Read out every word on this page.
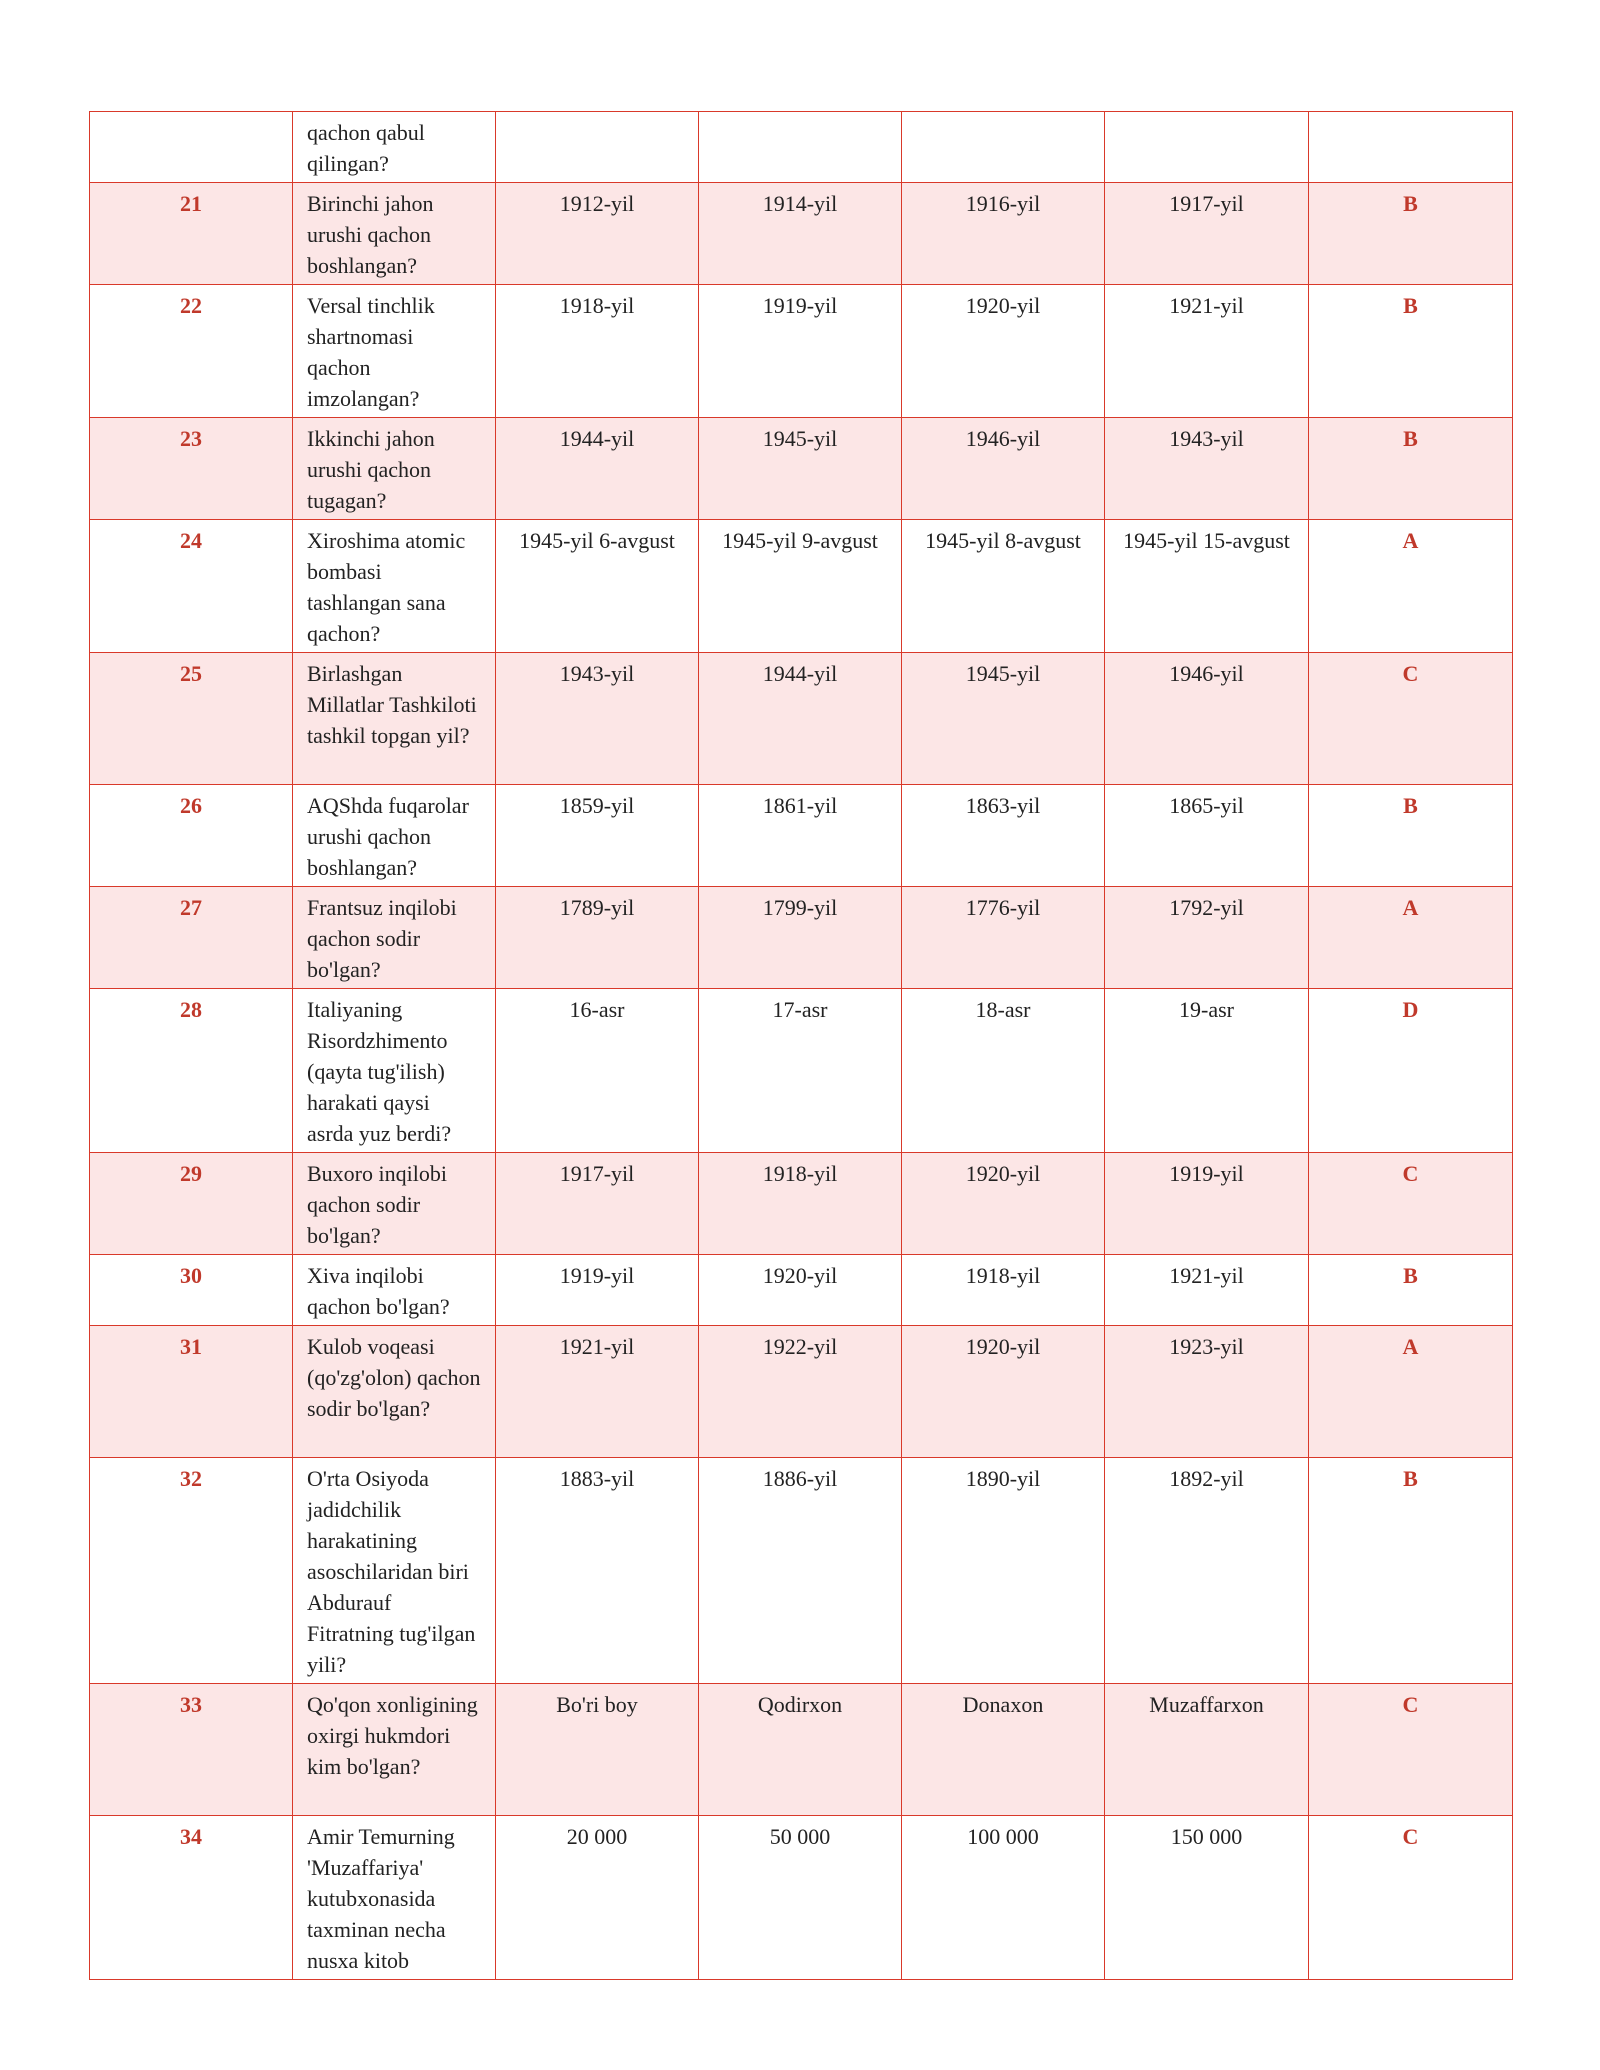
	qachon qabul qilingan?					
21	Birinchi jahon urushi qachon boshlangan?	1912-yil	1914-yil	1916-yil	1917-yil	B
22	Versal tinchlik shartnomasi qachon imzolangan?	1918-yil	1919-yil	1920-yil	1921-yil	B
23	Ikkinchi jahon urushi qachon tugagan?	1944-yil	1945-yil	1946-yil	1943-yil	B
24	Xiroshima atomic bombasi tashlangan sana qachon?	1945-yil 6-avgust	1945-yil 9-avgust	1945-yil 8-avgust	1945-yil 15-avgust	A
25	Birlashgan Millatlar Tashkiloti tashkil topgan yil?	1943-yil	1944-yil	1945-yil	1946-yil	C
26	AQShda fuqarolar urushi qachon boshlangan?	1859-yil	1861-yil	1863-yil	1865-yil	B
27	Frantsuz inqilobi qachon sodir bo'lgan?	1789-yil	1799-yil	1776-yil	1792-yil	A
28	Italiyaning Risordzhimento (qayta tug'ilish) harakati qaysi asrda yuz berdi?	16-asr	17-asr	18-asr	19-asr	D
29	Buxoro inqilobi qachon sodir bo'lgan?	1917-yil	1918-yil	1920-yil	1919-yil	C
30	Xiva inqilobi qachon bo'lgan?	1919-yil	1920-yil	1918-yil	1921-yil	B
31	Kulob voqeasi (qo'zg'olon) qachon sodir bo'lgan?	1921-yil	1922-yil	1920-yil	1923-yil	A
32	O'rta Osiyoda jadidchilik harakatining asoschilaridan biri Abdurauf Fitratning tug'ilgan yili?	1883-yil	1886-yil	1890-yil	1892-yil	B
33	Qo'qon xonligining oxirgi hukmdori kim bo'lgan?	Bo'ri boy	Qodirxon	Donaxon	Muzaffarxon	C
34	Amir Temurning 'Muzaffariya' kutubxonasida taxminan necha nusxa kitob	20 000	50 000	100 000	150 000	C
